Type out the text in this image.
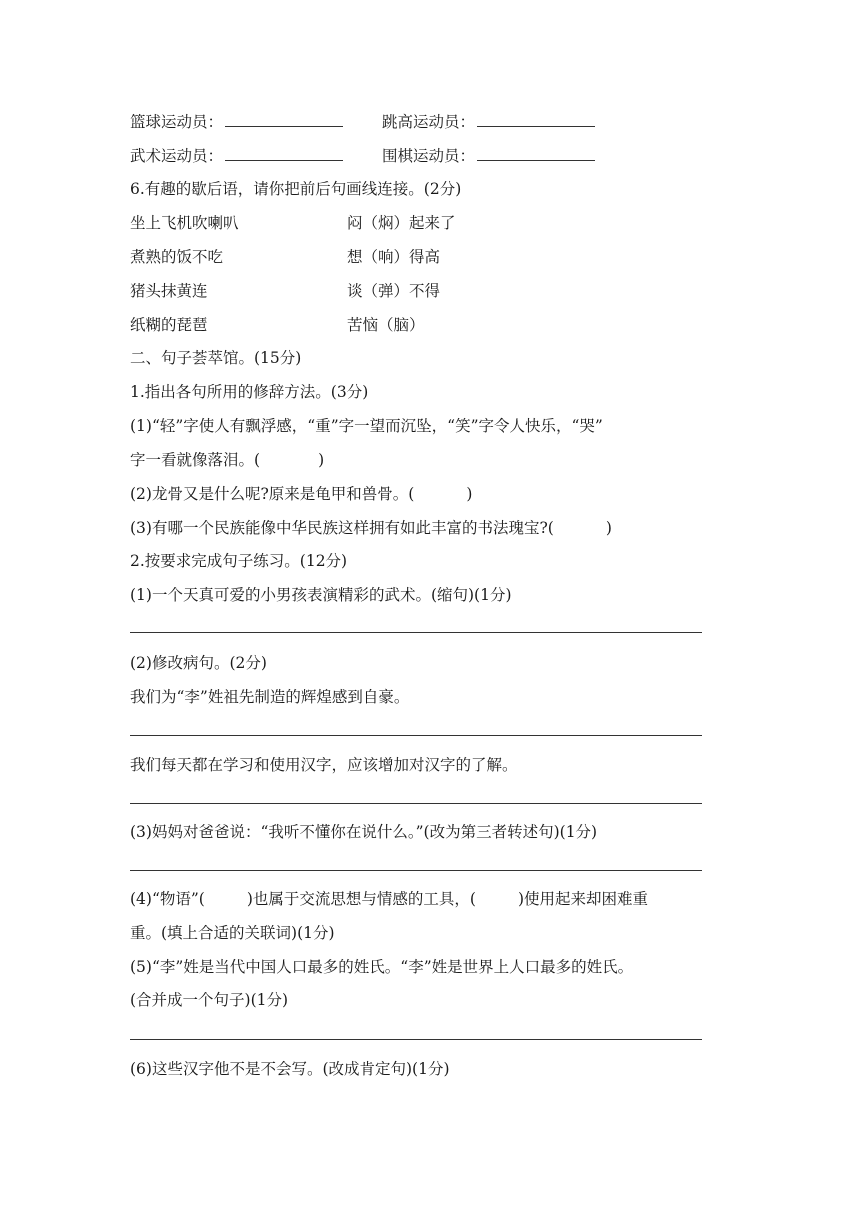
篮球运动员：	跳高运动员：
武术运动员：	围棋运动员：
6.有趣的歇后语，请你把前后句画线连接。(2分)
坐上飞机吹喇叭	闷（焖）起来了
煮熟的饭不吃	想（响）得高
猪头抹黄连	谈（弹）不得
纸糊的琵琶	苦恼（脑）
二、句子荟萃馆。(15分)
1.指出各句所用的修辞方法。(3分)
(1)“轻”字使人有飘浮感，“重”字一望而沉坠，“笑”字令人快乐，“哭”
字一看就像落泪。(	)
(2)龙骨又是什么呢?原来是龟甲和兽骨。(	)
(3)有哪一个民族能像中华民族这样拥有如此丰富的书法瑰宝?(	)
2.按要求完成句子练习。(12分)
(1)一个天真可爱的小男孩表演精彩的武术。(缩句)(1分)
(2)修改病句。(2分)
我们为“李”姓祖先制造的辉煌感到自豪。
我们每天都在学习和使用汉字，应该增加对汉字的了解。
(3)妈妈对爸爸说：“我听不懂你在说什么。”(改为第三者转述句)(1分)
(4)“物语”(	)也属于交流思想与情感的工具，(	)使用起来却困难重
重。(填上合适的关联词)(1分)
(5)“李”姓是当代中国人口最多的姓氏。“李”姓是世界上人口最多的姓氏。
(合并成一个句子)(1分)
(6)这些汉字他不是不会写。(改成肯定句)(1分)
